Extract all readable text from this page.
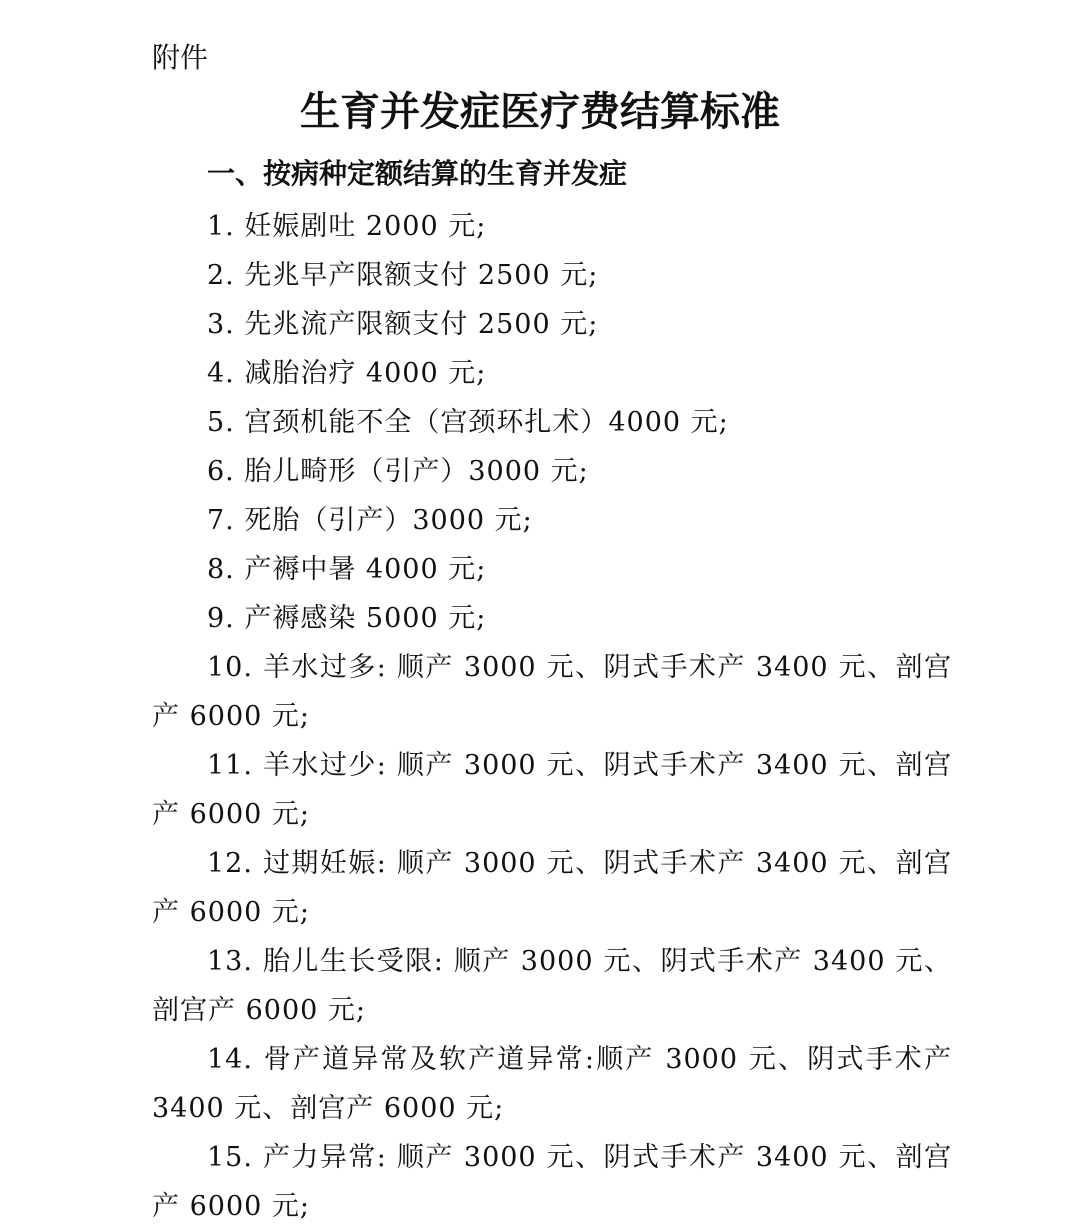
附件

生育并发症医疗费结算标准
一、按病种定额结算的生育并发症
1. 妊娠剧吐 2000 元;
2. 先兆早产限额支付 2500 元;
3. 先兆流产限额支付 2500 元;
4. 减胎治疗 4000 元;
5. 宫颈机能不全（宫颈环扎术）4000 元;
6. 胎儿畸形（引产）3000 元;
7. 死胎（引产）3000 元;
8. 产褥中暑 4000 元;
9. 产褥感染 5000 元;
10. 羊水过多: 顺产 3000 元、阴式手术产 3400 元、剖宫产 6000 元;
11. 羊水过少: 顺产 3000 元、阴式手术产 3400 元、剖宫产 6000 元;
12. 过期妊娠: 顺产 3000 元、阴式手术产 3400 元、剖宫产 6000 元;
13. 胎儿生长受限: 顺产 3000 元、阴式手术产 3400 元、剖宫产 6000 元;
14. 骨产道异常及软产道异常:顺产 3000 元、阴式手术产 3400 元、剖宫产 6000 元;
15. 产力异常: 顺产 3000 元、阴式手术产 3400 元、剖宫产 6000 元;
